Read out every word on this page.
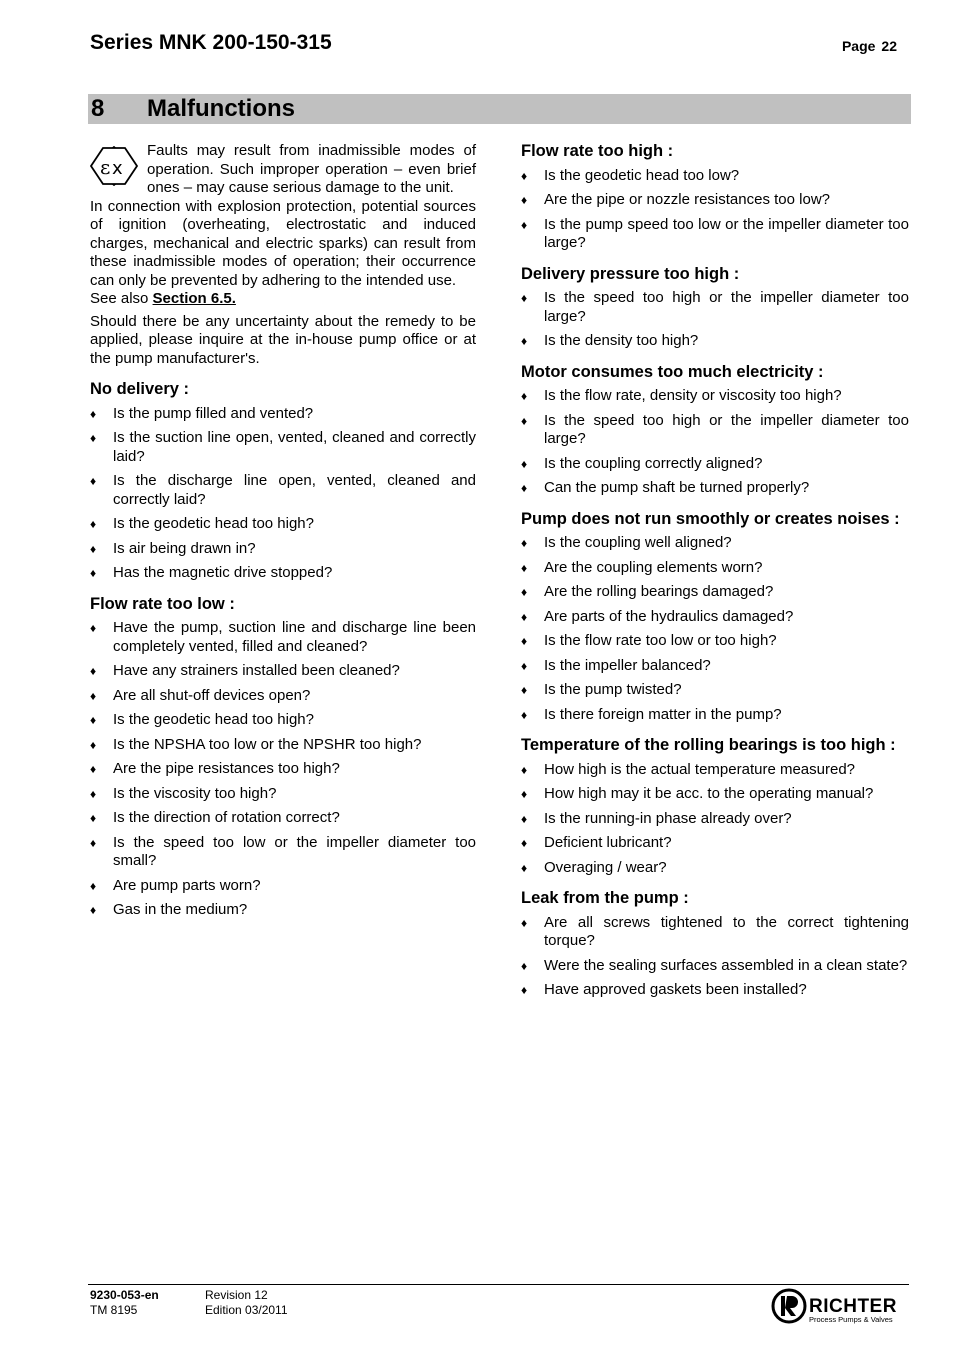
Series MNK 200-150-315	Page 22
8 Malfunctions
ɛ x

Faults may result from inadmissible modes of operation. Such improper operation – even brief ones – may cause serious damage to the unit.

In connection with explosion protection, potential sources of ignition (overheating, electrostatic and induced charges, mechanical and electric sparks) can result from these inadmissible modes of operation; their occurrence can only be prevented by adhering to the intended use.

See also Section 6.5.

Should there be any uncertainty about the remedy to be applied, please inquire at the in-house pump office or at the pump manufacturer's.

No delivery :
♦ Is the pump filled and vented?
♦ Is the suction line open, vented, cleaned and correctly laid?
♦ Is the discharge line open, vented, cleaned and correctly laid?
♦ Is the geodetic head too high?
♦ Is air being drawn in?
♦ Has the magnetic drive stopped?
Flow rate too low :
♦ Have the pump, suction line and discharge line been completely vented, filled and cleaned?
♦ Have any strainers installed been cleaned?
♦ Are all shut-off devices open?
♦ Is the geodetic head too high?
♦ Is the NPSHA too low or the NPSHR too high?
♦ Are the pipe resistances too high?
♦ Is the viscosity too high?
♦ Is the direction of rotation correct?
♦ Is the speed too low or the impeller diameter too small?
♦ Are pump parts worn?
♦ Gas in the medium?
Flow rate too high :
♦ Is the geodetic head too low?
♦ Are the pipe or nozzle resistances too low?
♦ Is the pump speed too low or the impeller diameter too large?
Delivery pressure too high :
♦ Is the speed too high or the impeller diameter too large?
♦ Is the density too high?
Motor consumes too much electricity :
♦ Is the flow rate, density or viscosity too high?
♦ Is the speed too high or the impeller diameter too large?
♦ Is the coupling correctly aligned?
♦ Can the pump shaft be turned properly?
Pump does not run smoothly or creates noises :
♦ Is the coupling well aligned?
♦ Are the coupling elements worn?
♦ Are the rolling bearings damaged?
♦ Are parts of the hydraulics damaged?
♦ Is the flow rate too low or too high?
♦ Is the impeller balanced?
♦ Is the pump twisted?
♦ Is there foreign matter in the pump?
Temperature of the rolling bearings is too high :
♦ How high is the actual temperature measured?
♦ How high may it be acc. to the operating manual?
♦ Is the running-in phase already over?
♦ Deficient lubricant?
♦ Overaging / wear?
Leak from the pump :
♦ Are all screws tightened to the correct tightening torque?
♦ Were the sealing surfaces assembled in a clean state?
♦ Have approved gaskets been installed?
9230-053-en
TM 8195
Revision 12
Edition 03/2011	RICHTER
Process Pumps & Valves
